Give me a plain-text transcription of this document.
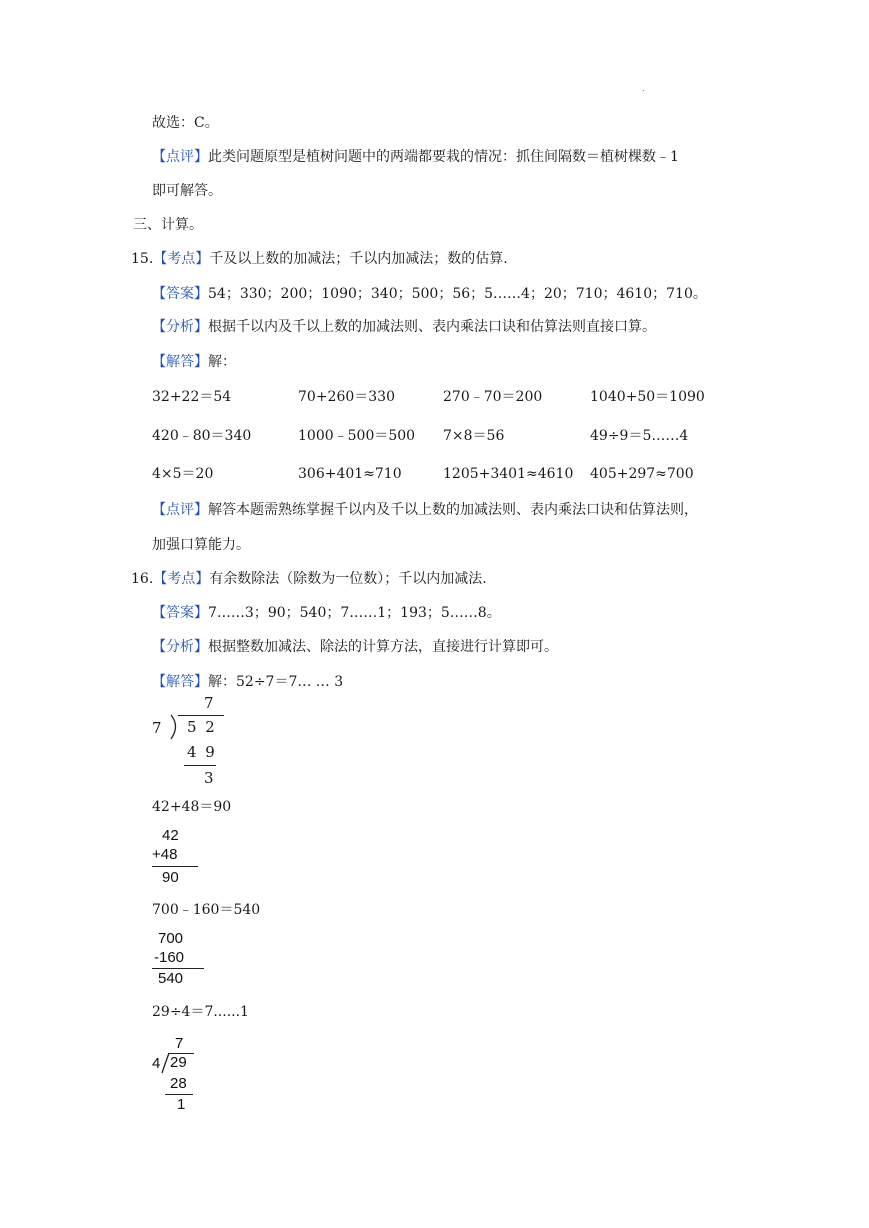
.
故选：C。
【点评】此类问题原型是植树问题中的两端都要栽的情况：抓住间隔数＝植树棵数﹣1
即可解答。
三、计算。
15.【考点】千及以上数的加减法；千以内加减法；数的估算.
【答案】54；330；200；1090；340；500；56；5……4；20；710；4610；710。
【分析】根据千以内及千以上数的加减法则、表内乘法口诀和估算法则直接口算。
【解答】解：
32+22＝54	70+260＝330	270﹣70＝200	1040+50＝1090
420﹣80＝340	1000﹣500＝500 7×8＝56	49÷9＝5……4
4×5＝20	306+401≈710	1205+3401≈4610 405+297≈700
【点评】解答本题需熟练掌握千以内及千以上数的加减法则、表内乘法口诀和估算法则，
加强口算能力。
16.【考点】有余数除法（除数为一位数）；千以内加减法.
【答案】7……3；90；540；7……1；193；5……8。
【分析】根据整数加减法、除法的计算方法，直接进行计算即可。
【解答】解：52÷7＝7… … 3
7
7 5 2
4 9
3
42+48＝90
42
+48
90
700﹣160＝540
700
-160
540
29÷4＝7......1
7
4 29
28
1
